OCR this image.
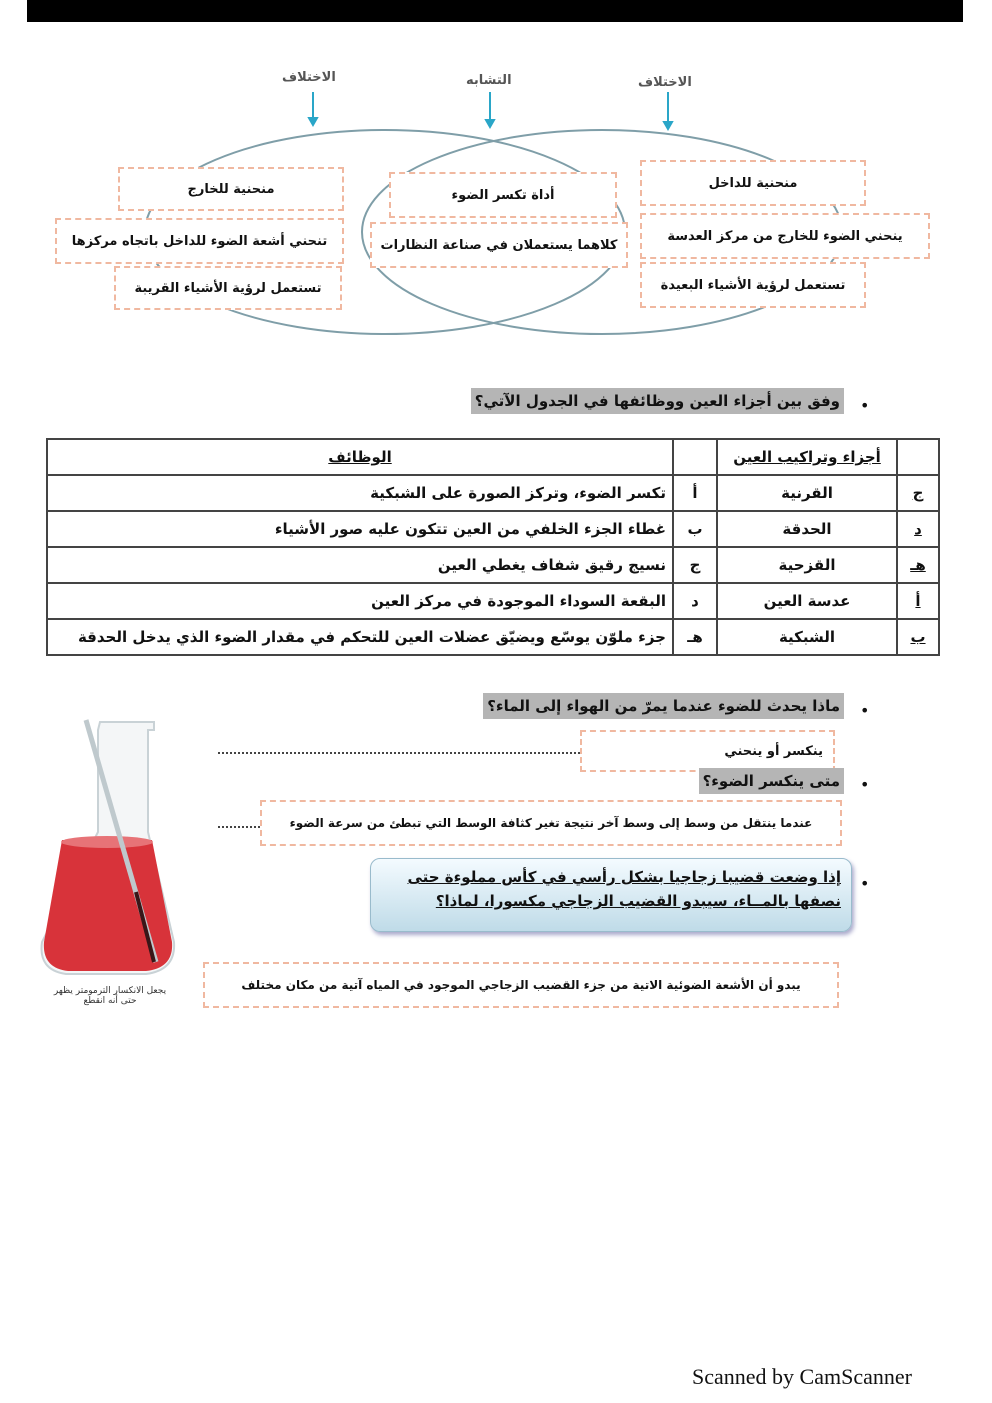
الاختلاف	التشابه	الاختلاف
منحنية للخارج
تنحني أشعة الضوء للداخل باتجاه مركزها
تستعمل لرؤية الأشياء القريبة
أداة تكسر الضوء
كلاهما يستعملان في صناعة النظارات
منحنية للداخل
ينحني الضوء للخارج من مركز العدسة
تستعمل لرؤية الأشياء البعيدة
•
وفق بين أجزاء العين ووظائفها في الجدول الآتي؟
	أجزاء وتراكيب العين		الوظائف
ج	القرنية	أ	تكسر الضوء، وتركز الصورة على الشبكية
د	الحدقة	ب	غطاء الجزء الخلفي من العين تتكون عليه صور الأشياء
هـ	القزحية	ج	نسيج رقيق شفاف يغطي العين
أ	عدسة العين	د	البقعة السوداء الموجودة في مركز العين
ب	الشبكية	هـ	جزء ملوّن يوسّع ويضيّق عضلات العين للتحكم في مقدار الضوء الذي يدخل الحدقة
•
ماذا يحدث للضوء عندما يمرّ من الهواء إلى الماء؟
ينكسر أو ينحني
•
متى ينكسر الضوء؟
عندما ينتقل من وسط إلى وسط آخر نتيجة تغير كثافة الوسط التي تبطئ من سرعة الضوء
•
إذا وضعت قضيبا زجاجيا بشكل رأسي في كأس مملوءة حتى نصفها بالمــاء، سيبدو القضيب الزجاجي مكسورا، لماذا؟
يبدو أن الأشعة الضوئية الاتية من جزء القضيب الزجاجي الموجود في المياه آتية من مكان مختلف
يجعل الانكسار الترمومتر يظهر حتى أنه انقطع
Scanned by CamScanner
